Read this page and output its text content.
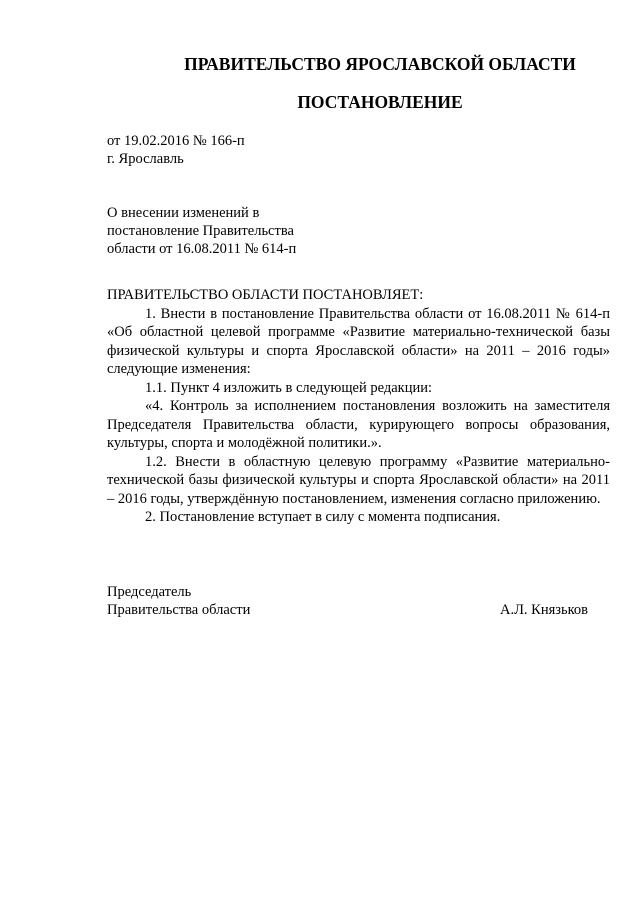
ПРАВИТЕЛЬСТВО ЯРОСЛАВСКОЙ ОБЛАСТИ
ПОСТАНОВЛЕНИЕ
от 19.02.2016 № 166-п
г. Ярославль
О внесении изменений в
постановление Правительства
области от 16.08.2011 № 614-п

ПРАВИТЕЛЬСТВО ОБЛАСТИ ПОСТАНОВЛЯЕТ:

1. Внести в постановление Правительства области от 16.08.2011 № 614-п «Об областной целевой программе «Развитие материально-технической базы физической культуры и спорта Ярославской области» на 2011 – 2016 годы» следующие изменения:

1.1. Пункт 4 изложить в следующей редакции:

«4. Контроль за исполнением постановления возложить на заместителя Председателя Правительства области, курирующего вопросы образования, культуры, спорта и молодёжной политики.».

1.2. Внести в областную целевую программу «Развитие материально-технической базы физической культуры и спорта Ярославской области» на 2011 – 2016 годы, утверждённую постановлением, изменения согласно приложению.

2. Постановление вступает в силу с момента подписания.

Председатель
Правительства области	А.Л. Князьков
